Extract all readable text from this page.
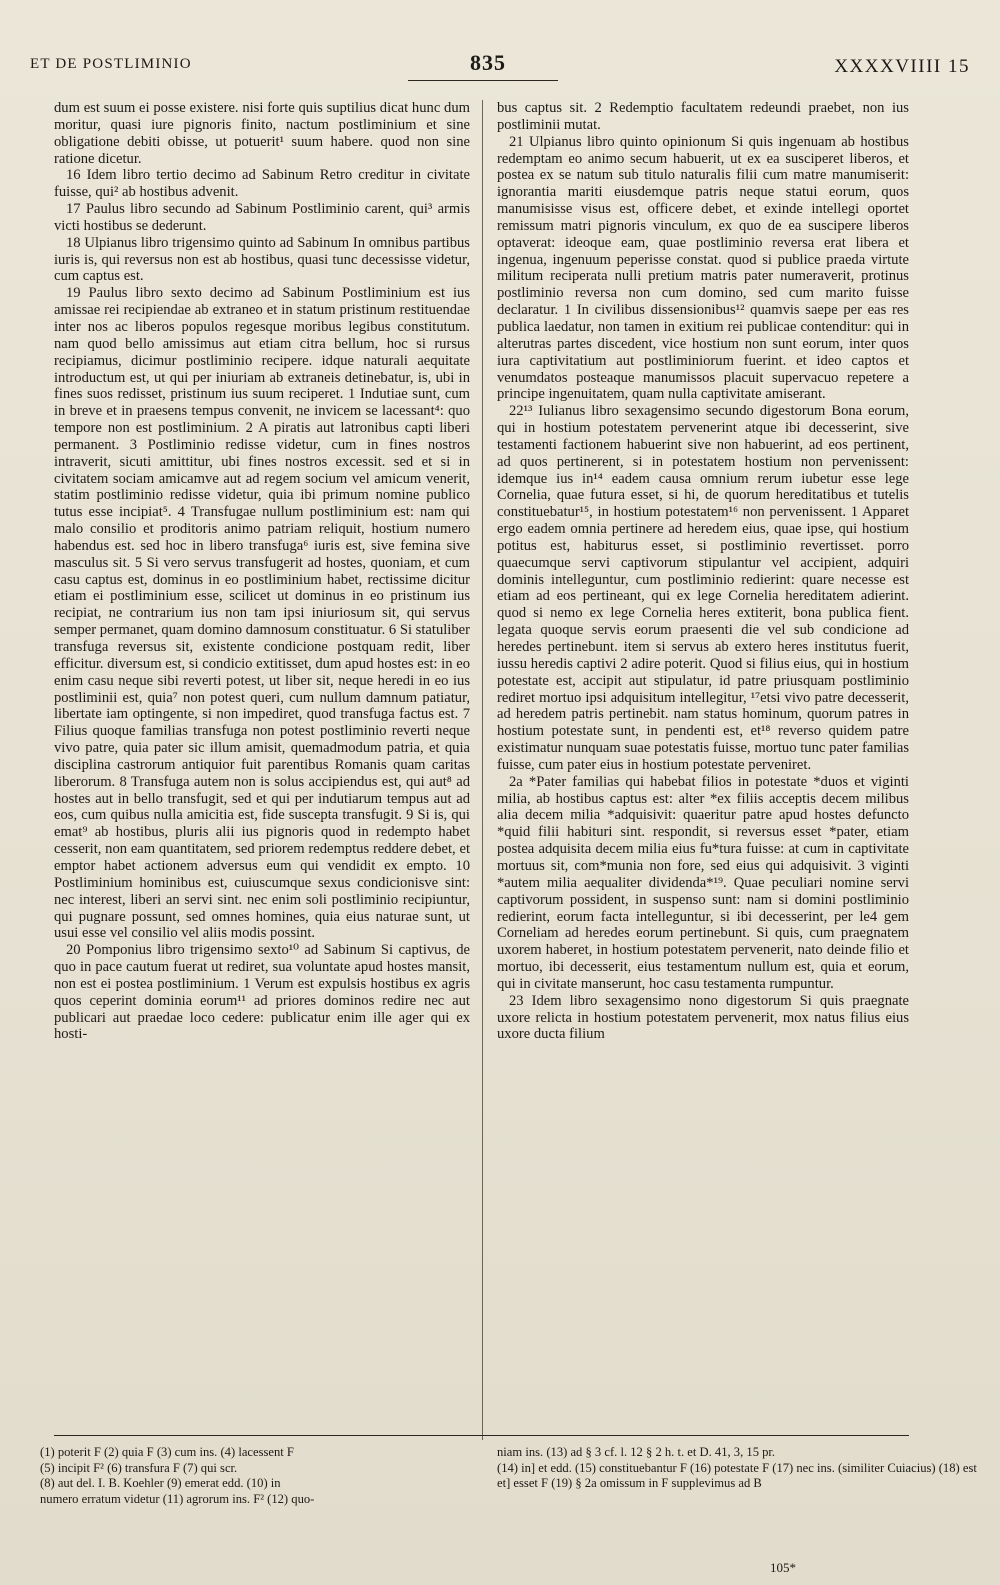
ET DE POSTLIMINIO	835	XXXXVIIII 15

dum est suum ei posse existere. nisi forte quis suptilius dicat hunc dum moritur, quasi iure pignoris finito, nactum postliminium et sine obligatione debiti obisse, ut potuerit¹ suum habere. quod non sine ratione dicetur.

16 Idem libro tertio decimo ad Sabinum Retro creditur in civitate fuisse, qui² ab hostibus advenit.

17 Paulus libro secundo ad Sabinum Postliminio carent, qui³ armis victi hostibus se dederunt.

18 Ulpianus libro trigensimo quinto ad Sabinum In omnibus partibus iuris is, qui reversus non est ab hostibus, quasi tunc decessisse videtur, cum captus est.

19 Paulus libro sexto decimo ad Sabinum Postliminium est ius amissae rei recipiendae ab extraneo et in statum pristinum restituendae inter nos ac liberos populos regesque moribus legibus constitutum. nam quod bello amissimus aut etiam citra bellum, hoc si rursus recipiamus, dicimur postliminio recipere. idque naturali aequitate introductum est, ut qui per iniuriam ab extraneis detinebatur, is, ubi in fines suos redisset, pristinum ius suum reciperet. 1 Indutiae sunt, cum in breve et in praesens tempus convenit, ne invicem se lacessant⁴: quo tempore non est postliminium. 2 A piratis aut latronibus capti liberi permanent. 3 Postliminio redisse videtur, cum in fines nostros intraverit, sicuti amittitur, ubi fines nostros excessit. sed et si in civitatem sociam amicamve aut ad regem socium vel amicum venerit, statim postliminio redisse videtur, quia ibi primum nomine publico tutus esse incipiat⁵. 4 Transfugae nullum postliminium est: nam qui malo consilio et proditoris animo patriam reliquit, hostium numero habendus est. sed hoc in libero transfuga⁶ iuris est, sive femina sive masculus sit. 5 Si vero servus transfugerit ad hostes, quoniam, et cum casu captus est, dominus in eo postliminium habet, rectissime dicitur etiam ei postliminium esse, scilicet ut dominus in eo pristinum ius recipiat, ne contrarium ius non tam ipsi iniuriosum sit, qui servus semper permanet, quam domino damnosum constituatur. 6 Si statuliber transfuga reversus sit, existente condicione postquam redit, liber efficitur. diversum est, si condicio extitisset, dum apud hostes est: in eo enim casu neque sibi reverti potest, ut liber sit, neque heredi in eo ius postliminii est, quia⁷ non potest queri, cum nullum damnum patiatur, libertate iam optingente, si non impediret, quod transfuga factus est. 7 Filius quoque familias transfuga non potest postliminio reverti neque vivo patre, quia pater sic illum amisit, quemadmodum patria, et quia disciplina castrorum antiquior fuit parentibus Romanis quam caritas liberorum. 8 Transfuga autem non is solus accipiendus est, qui aut⁸ ad hostes aut in bello transfugit, sed et qui per indutiarum tempus aut ad eos, cum quibus nulla amicitia est, fide suscepta transfugit. 9 Si is, qui emat⁹ ab hostibus, pluris alii ius pignoris quod in redempto habet cesserit, non eam quantitatem, sed priorem redemptus reddere debet, et emptor habet actionem adversus eum qui vendidit ex empto. 10 Postliminium hominibus est, cuiuscumque sexus condicionisve sint: nec interest, liberi an servi sint. nec enim soli postliminio recipiuntur, qui pugnare possunt, sed omnes homines, quia eius naturae sunt, ut usui esse vel consilio vel aliis modis possint.

20 Pomponius libro trigensimo sexto¹⁰ ad Sabinum Si captivus, de quo in pace cautum fuerat ut rediret, sua voluntate apud hostes mansit, non est ei postea postliminium. 1 Verum est expulsis hostibus ex agris quos ceperint dominia eorum¹¹ ad priores dominos redire nec aut publicari aut praedae loco cedere: publicatur enim ille ager qui ex hosti-

bus captus sit. 2 Redemptio facultatem redeundi praebet, non ius postliminii mutat.

21 Ulpianus libro quinto opinionum Si quis ingenuam ab hostibus redemptam eo animo secum habuerit, ut ex ea susciperet liberos, et postea ex se natum sub titulo naturalis filii cum matre manumiserit: ignorantia mariti eiusdemque patris neque statui eorum, quos manumisisse visus est, officere debet, et exinde intellegi oportet remissum matri pignoris vinculum, ex quo de ea suscipere liberos optaverat: ideoque eam, quae postliminio reversa erat libera et ingenua, ingenuum peperisse constat. quod si publice praeda virtute militum reciperata nulli pretium matris pater numeraverit, protinus postliminio reversa non cum domino, sed cum marito fuisse declaratur. 1 In civilibus dissensionibus¹² quamvis saepe per eas res publica laedatur, non tamen in exitium rei publicae contenditur: qui in alterutras partes discedent, vice hostium non sunt eorum, inter quos iura captivitatium aut postliminiorum fuerint. et ideo captos et venumdatos posteaque manumissos placuit supervacuo repetere a principe ingenuitatem, quam nulla captivitate amiserant.

22¹³ Iulianus libro sexagensimo secundo digestorum Bona eorum, qui in hostium potestatem pervenerint atque ibi decesserint, sive testamenti factionem habuerint sive non habuerint, ad eos pertinent, ad quos pertinerent, si in potestatem hostium non pervenissent: idemque ius in¹⁴ eadem causa omnium rerum iubetur esse lege Cornelia, quae futura esset, si hi, de quorum hereditatibus et tutelis constituebatur¹⁵, in hostium potestatem¹⁶ non pervenissent. 1 Apparet ergo eadem omnia pertinere ad heredem eius, quae ipse, qui hostium potitus est, habiturus esset, si postliminio revertisset. porro quaecumque servi captivorum stipulantur vel accipient, adquiri dominis intelleguntur, cum postliminio redierint: quare necesse est etiam ad eos pertineant, qui ex lege Cornelia hereditatem adierint. quod si nemo ex lege Cornelia heres extiterit, bona publica fient. legata quoque servis eorum praesenti die vel sub condicione ad heredes pertinebunt. item si servus ab extero heres institutus fuerit, iussu heredis captivi 2 adire poterit. Quod si filius eius, qui in hostium potestate est, accipit aut stipulatur, id patre priusquam postliminio rediret mortuo ipsi adquisitum intellegitur, ¹⁷etsi vivo patre decesserit, ad heredem patris pertinebit. nam status hominum, quorum patres in hostium potestate sunt, in pendenti est, et¹⁸ reverso quidem patre existimatur nunquam suae potestatis fuisse, mortuo tunc pater familias fuisse, cum pater eius in hostium potestate perveniret.

2a *Pater familias qui habebat filios in potestate *duos et viginti milia, ab hostibus captus est: alter *ex filiis acceptis decem milibus alia decem milia *adquisivit: quaeritur patre apud hostes defuncto *quid filii habituri sint. respondit, si reversus esset *pater, etiam postea adquisita decem milia eius fu*tura fuisse: at cum in captivitate mortuus sit, com*munia non fore, sed eius qui adquisivit. 3 viginti *autem milia aequaliter dividenda*¹⁹. Quae peculiari nomine servi captivorum possident, in suspenso sunt: nam si domini postliminio redierint, eorum facta intelleguntur, si ibi decesserint, per le4 gem Corneliam ad heredes eorum pertinebunt. Si quis, cum praegnatem uxorem haberet, in hostium potestatem pervenerit, nato deinde filio et mortuo, ibi decesserit, eius testamentum nullum est, quia et eorum, qui in civitate manserunt, hoc casu testamenta rumpuntur.

23 Idem libro sexagensimo nono digestorum Si quis praegnate uxore relicta in hostium potestatem pervenerit, mox natus filius eius uxore ducta filium

(1) poterit F (2) quia F (3) cum ins. (4) lacessent F
(5) incipit F² (6) transfura F (7) qui scr.
(8) aut del. I. B. Koehler (9) emerat edd. (10) in
numero erratum videtur (11) agrorum ins. F² (12) quo-
niam ins. (13) ad § 3 cf. l. 12 § 2 h. t. et D. 41, 3, 15 pr.
(14) in] et edd. (15) constituebantur F (16) potestate F (17) nec ins. (similiter Cuiacius) (18) est
et] esset F (19) § 2a omissum in F supplevimus ad B
105*
